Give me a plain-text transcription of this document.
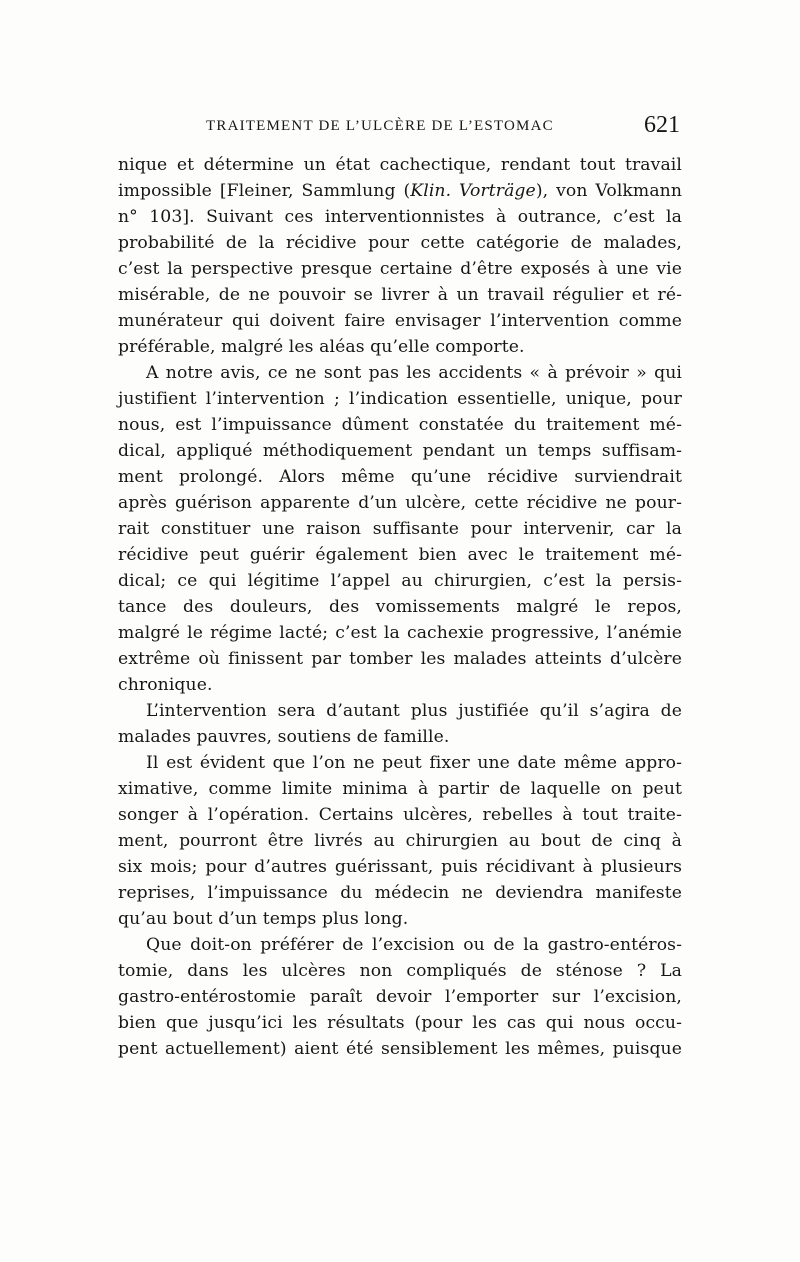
TRAITEMENT DE L’ULCÈRE DE L’ESTOMAC	621

nique et détermine un état cachectique, rendant tout travail
impossible [Fleiner, Sammlung (Klin. Vorträge), von Volkmann
n° 103]. Suivant ces interventionnistes à outrance, c’est la
probabilité de la récidive pour cette catégorie de malades,
c’est la perspective presque certaine d’être exposés à une vie
misérable, de ne pouvoir se livrer à un travail régulier et ré-
munérateur qui doivent faire envisager l’intervention comme
préférable, malgré les aléas qu’elle comporte.

A notre avis, ce ne sont pas les accidents « à prévoir » qui
justifient l’intervention ; l’indication essentielle, unique, pour
nous, est l’impuissance dûment constatée du traitement mé-
dical, appliqué méthodiquement pendant un temps suffisam-
ment prolongé. Alors même qu’une récidive surviendrait
après guérison apparente d’un ulcère, cette récidive ne pour-
rait constituer une raison suffisante pour intervenir, car la
récidive peut guérir également bien avec le traitement mé-
dical; ce qui légitime l’appel au chirurgien, c’est la persis-
tance des douleurs, des vomissements malgré le repos,
malgré le régime lacté; c’est la cachexie progressive, l’anémie
extrême où finissent par tomber les malades atteints d’ulcère
chronique.

L’intervention sera d’autant plus justifiée qu’il s’agira de
malades pauvres, soutiens de famille.

Il est évident que l’on ne peut fixer une date même appro-
ximative, comme limite minima à partir de laquelle on peut
songer à l’opération. Certains ulcères, rebelles à tout traite-
ment, pourront être livrés au chirurgien au bout de cinq à
six mois; pour d’autres guérissant, puis récidivant à plusieurs
reprises, l’impuissance du médecin ne deviendra manifeste
qu’au bout d’un temps plus long.

Que doit-on préférer de l’excision ou de la gastro-entéros-
tomie, dans les ulcères non compliqués de sténose ? La
gastro-entérostomie paraît devoir l’emporter sur l’excision,
bien que jusqu’ici les résultats (pour les cas qui nous occu-
pent actuellement) aient été sensiblement les mêmes, puisque
